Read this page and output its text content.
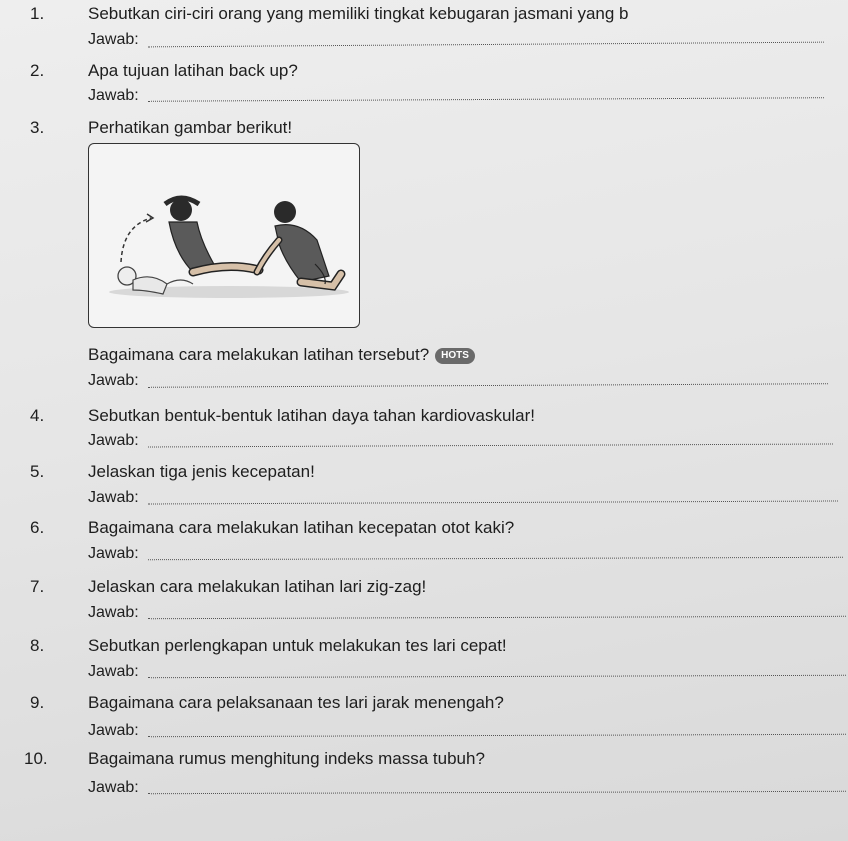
1.	Sebutkan ciri-ciri orang yang memiliki tingkat kebugaran jasmani yang b
Jawab:
2.	Apa tujuan latihan back up?
Jawab:
3.	Perhatikan gambar berikut!
Bagaimana cara melakukan latihan tersebut? HOTS
Jawab:
4.	Sebutkan bentuk-bentuk latihan daya tahan kardiovaskular!
Jawab:
5.	Jelaskan tiga jenis kecepatan!
Jawab:
6.	Bagaimana cara melakukan latihan kecepatan otot kaki?
Jawab:
7.	Jelaskan cara melakukan latihan lari zig-zag!
Jawab:
8.	Sebutkan perlengkapan untuk melakukan tes lari cepat!
Jawab:
9.	Bagaimana cara pelaksanaan tes lari jarak menengah?
Jawab:
10. Bagaimana rumus menghitung indeks massa tubuh?
Jawab:
